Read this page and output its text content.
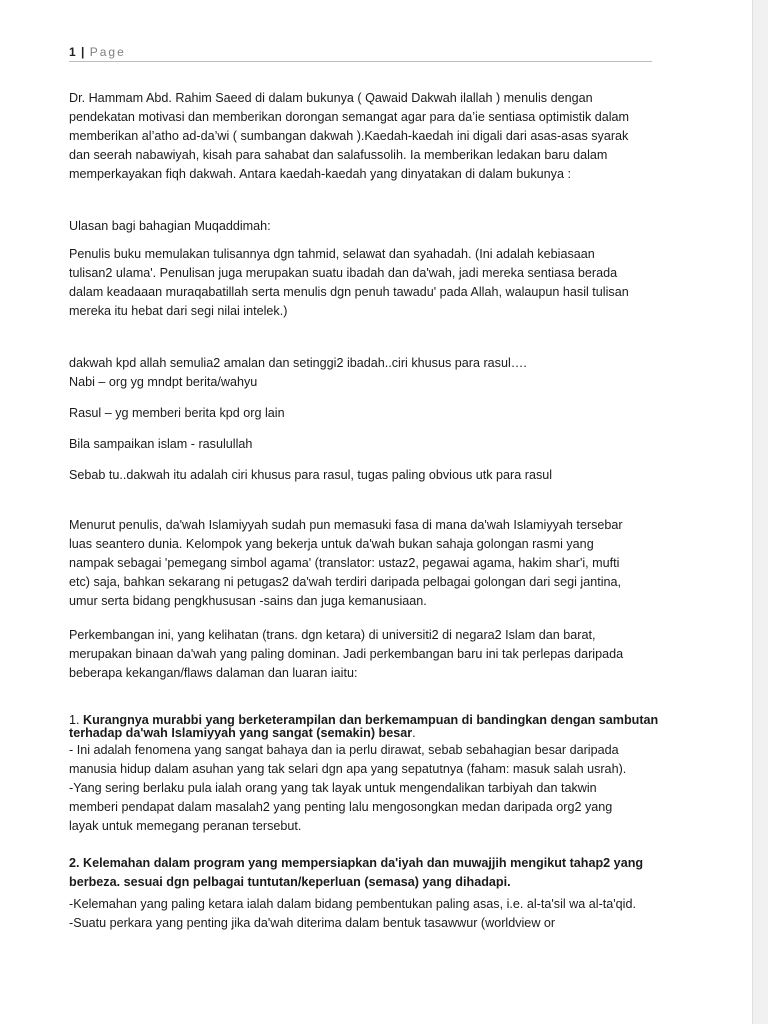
1 | Page

Dr. Hammam Abd. Rahim Saeed di dalam bukunya ( Qawaid Dakwah ilallah ) menulis dengan

pendekatan motivasi dan memberikan dorongan semangat agar para da’ie sentiasa optimistik dalam

memberikan al’atho ad-da’wi ( sumbangan dakwah ).Kaedah-kaedah ini digali dari asas-asas syarak

dan seerah nabawiyah, kisah para sahabat dan salafussolih. Ia memberikan ledakan baru dalam

memperkayakan fiqh dakwah. Antara kaedah-kaedah yang dinyatakan di dalam bukunya :

Ulasan bagi bahagian Muqaddimah:

Penulis buku memulakan tulisannya dgn tahmid, selawat dan syahadah. (Ini adalah kebiasaan

tulisan2 ulama'. Penulisan juga merupakan suatu ibadah dan da'wah, jadi mereka sentiasa berada

dalam keadaaan muraqabatillah serta menulis dgn penuh tawadu' pada Allah, walaupun hasil tulisan

mereka itu hebat dari segi nilai intelek.)

dakwah kpd allah semulia2 amalan dan setinggi2 ibadah..ciri khusus para rasul….

Nabi – org yg mndpt berita/wahyu

Rasul – yg memberi berita kpd org lain

Bila sampaikan islam - rasulullah

Sebab tu..dakwah itu adalah ciri khusus para rasul, tugas paling obvious utk para rasul

Menurut penulis, da'wah Islamiyyah sudah pun memasuki fasa di mana da'wah Islamiyyah tersebar

luas seantero dunia. Kelompok yang bekerja untuk da'wah bukan sahaja golongan rasmi yang

nampak sebagai 'pemegang simbol agama' (translator: ustaz2, pegawai agama, hakim shar'i, mufti

etc) saja, bahkan sekarang ni petugas2 da'wah terdiri daripada pelbagai golongan dari segi jantina,

umur serta bidang pengkhususan -sains dan juga kemanusiaan.

Perkembangan ini, yang kelihatan (trans. dgn ketara) di universiti2 di negara2 Islam dan barat,

merupakan binaan da'wah yang paling dominan. Jadi perkembangan baru ini tak perlepas daripada

beberapa kekangan/flaws dalaman dan luaran iaitu:

1. Kurangnya murabbi yang berketerampilan dan berkemampuan di bandingkan dengan sambutan

terhadap da'wah Islamiyyah yang sangat (semakin) besar.

- Ini adalah fenomena yang sangat bahaya dan ia perlu dirawat, sebab sebahagian besar daripada

manusia hidup dalam asuhan yang tak selari dgn apa yang sepatutnya (faham: masuk salah usrah).

-Yang sering berlaku pula ialah orang yang tak layak untuk mengendalikan tarbiyah dan takwin

memberi pendapat dalam masalah2 yang penting lalu mengosongkan medan daripada org2 yang

layak untuk memegang peranan tersebut.

2. Kelemahan dalam program yang mempersiapkan da'iyah dan muwajjih mengikut tahap2 yang

berbeza. sesuai dgn pelbagai tuntutan/keperluan (semasa) yang dihadapi.

-Kelemahan yang paling ketara ialah dalam bidang pembentukan paling asas, i.e. al-ta'sil wa al-ta'qid.

-Suatu perkara yang penting jika da'wah diterima dalam bentuk tasawwur (worldview or
